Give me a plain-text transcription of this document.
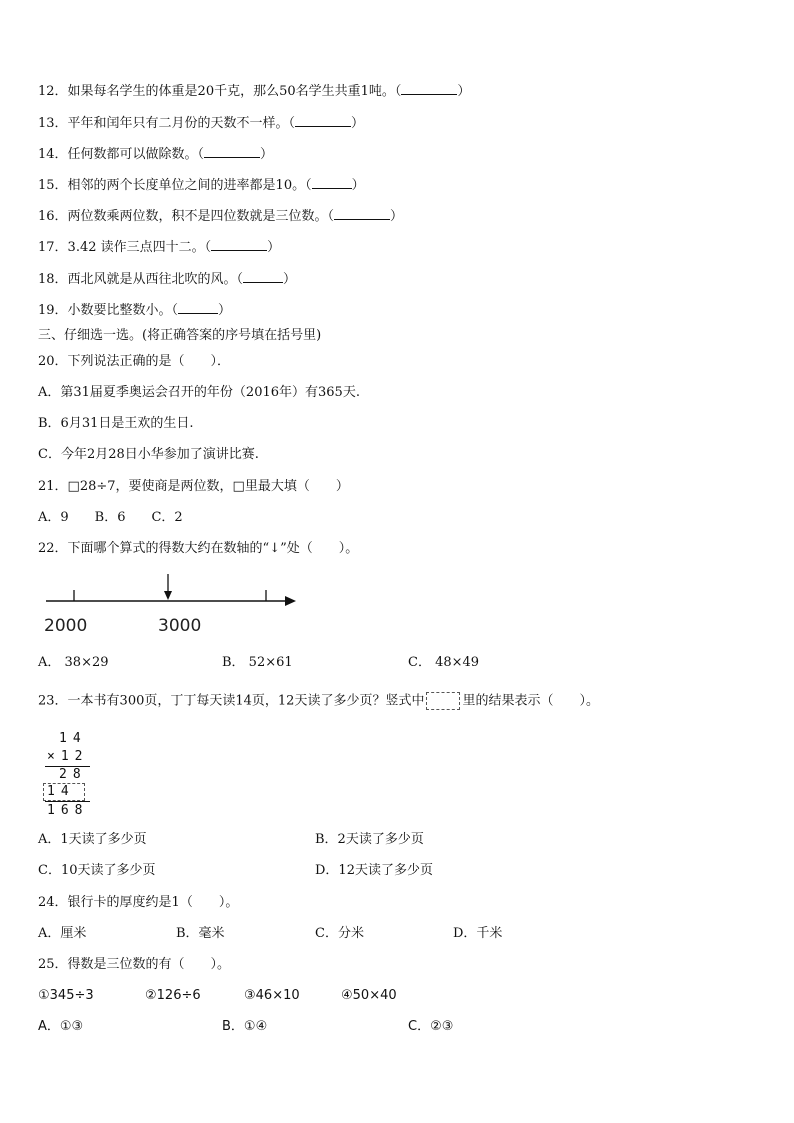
12．如果每名学生的体重是20千克，那么50名学生共重1吨。（	）
13．平年和闰年只有二月份的天数不一样。（	）
14．任何数都可以做除数。（	）
15．相邻的两个长度单位之间的进率都是10。（	）
16．两位数乘两位数，积不是四位数就是三位数。（	）
17．3.42 读作三点四十二。（	）
18．西北风就是从西往北吹的风。（	）
19．小数要比整数小。（	）
三、仔细选一选。(将正确答案的序号填在括号里)
20．下列说法正确的是（　　）．
A．第31届夏季奥运会召开的年份（2016年）有365天.
B．6月31日是王欢的生日.
C．今年2月28日小华参加了演讲比赛.
21．□28÷7，要使商是两位数，□里最大填（　　）
A．9　　B．6　　C．2
22．下面哪个算式的得数大约在数轴的“↓”处（　　）。
2000	3000
A． 38×29	B． 52×61	C． 48×49
23．一本书有300页，丁丁每天读14页，12天读了多少页？竖式中	里的结果表示（　　）。
14
×12
28
14
168
A．1天读了多少页	B．2天读了多少页
C．10天读了多少页	D．12天读了多少页
24．银行卡的厚度约是1（　　）。
A．厘米	B．毫米	C．分米	D．千米
25．得数是三位数的有（　　）。
①345÷3	②126÷6	③46×10	④50×40
A．①③	B．①④	C．②③
